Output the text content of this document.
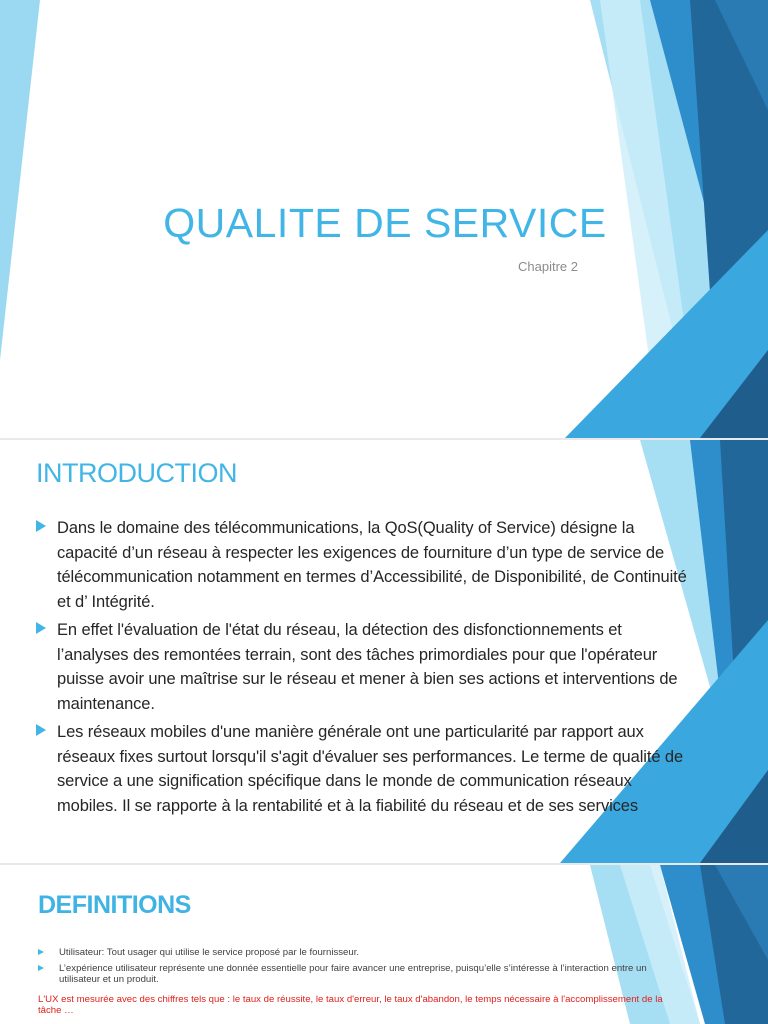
QUALITE DE SERVICE
Chapitre 2
INTRODUCTION
Dans le domaine des télécommunications, la QoS(Quality of Service) désigne la capacité d’un réseau à respecter les exigences de fourniture d’un type de service de télécommunication notamment en termes d’Accessibilité, de Disponibilité, de Continuité et d’ Intégrité.
En effet l'évaluation de l'état du réseau, la détection des disfonctionnements et l’analyses des remontées terrain, sont des tâches primordiales pour que l'opérateur puisse avoir une maîtrise sur le réseau et mener à bien ses actions et interventions de maintenance.
Les réseaux mobiles d'une manière générale ont une particularité par rapport aux réseaux fixes surtout lorsqu'il s'agit d'évaluer ses performances. Le terme de qualité de service a une signification spécifique dans le monde de communication réseaux mobiles. Il se rapporte à la rentabilité et à la fiabilité du réseau et de ses services
DEFINITIONS
Utilisateur: Tout usager qui utilise le service proposé par le fournisseur.
L’expérience utilisateur représente une donnée essentielle pour faire avancer une entreprise, puisqu’elle s’intéresse à l’interaction entre un utilisateur et un produit.
L'UX est mesurée avec des chiffres tels que : le taux de réussite, le taux d'erreur, le taux d'abandon, le temps nécessaire à l'accomplissement de la tâche …
